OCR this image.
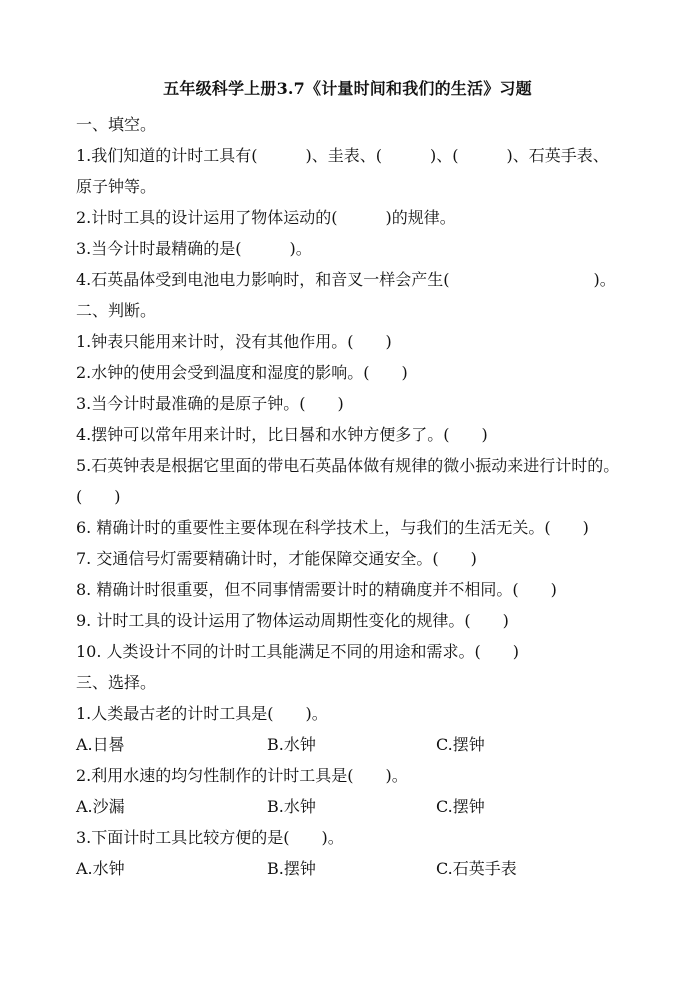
五年级科学上册3.7《计量时间和我们的生活》习题
一、填空。
1.我们知道的计时工具有(　　　)、圭表、(　　　)、(　　　)、石英手表、
原子钟等。
2.计时工具的设计运用了物体运动的(　　　)的规律。
3.当今计时最精确的是(　　　)。
4.石英晶体受到电池电力影响时，和音叉一样会产生(　　　　　　　　　)。
二、判断。
1.钟表只能用来计时，没有其他作用。(　　)
2.水钟的使用会受到温度和湿度的影响。(　　)
3.当今计时最准确的是原子钟。(　　)
4.摆钟可以常年用来计时，比日晷和水钟方便多了。(　　)
5.石英钟表是根据它里面的带电石英晶体做有规律的微小振动来进行计时的。
(　　)
6. 精确计时的重要性主要体现在科学技术上，与我们的生活无关。(　　)
7. 交通信号灯需要精确计时，才能保障交通安全。(　　)
8. 精确计时很重要，但不同事情需要计时的精确度并不相同。(　　)
9. 计时工具的设计运用了物体运动周期性变化的规律。(　　)
10. 人类设计不同的计时工具能满足不同的用途和需求。(　　)
三、选择。
1.人类最古老的计时工具是(　　)。
A.日晷	B.水钟	C.摆钟
2.利用水速的均匀性制作的计时工具是(　　)。
A.沙漏	B.水钟	C.摆钟
3.下面计时工具比较方便的是(　　)。
A.水钟	B.摆钟	C.石英手表
